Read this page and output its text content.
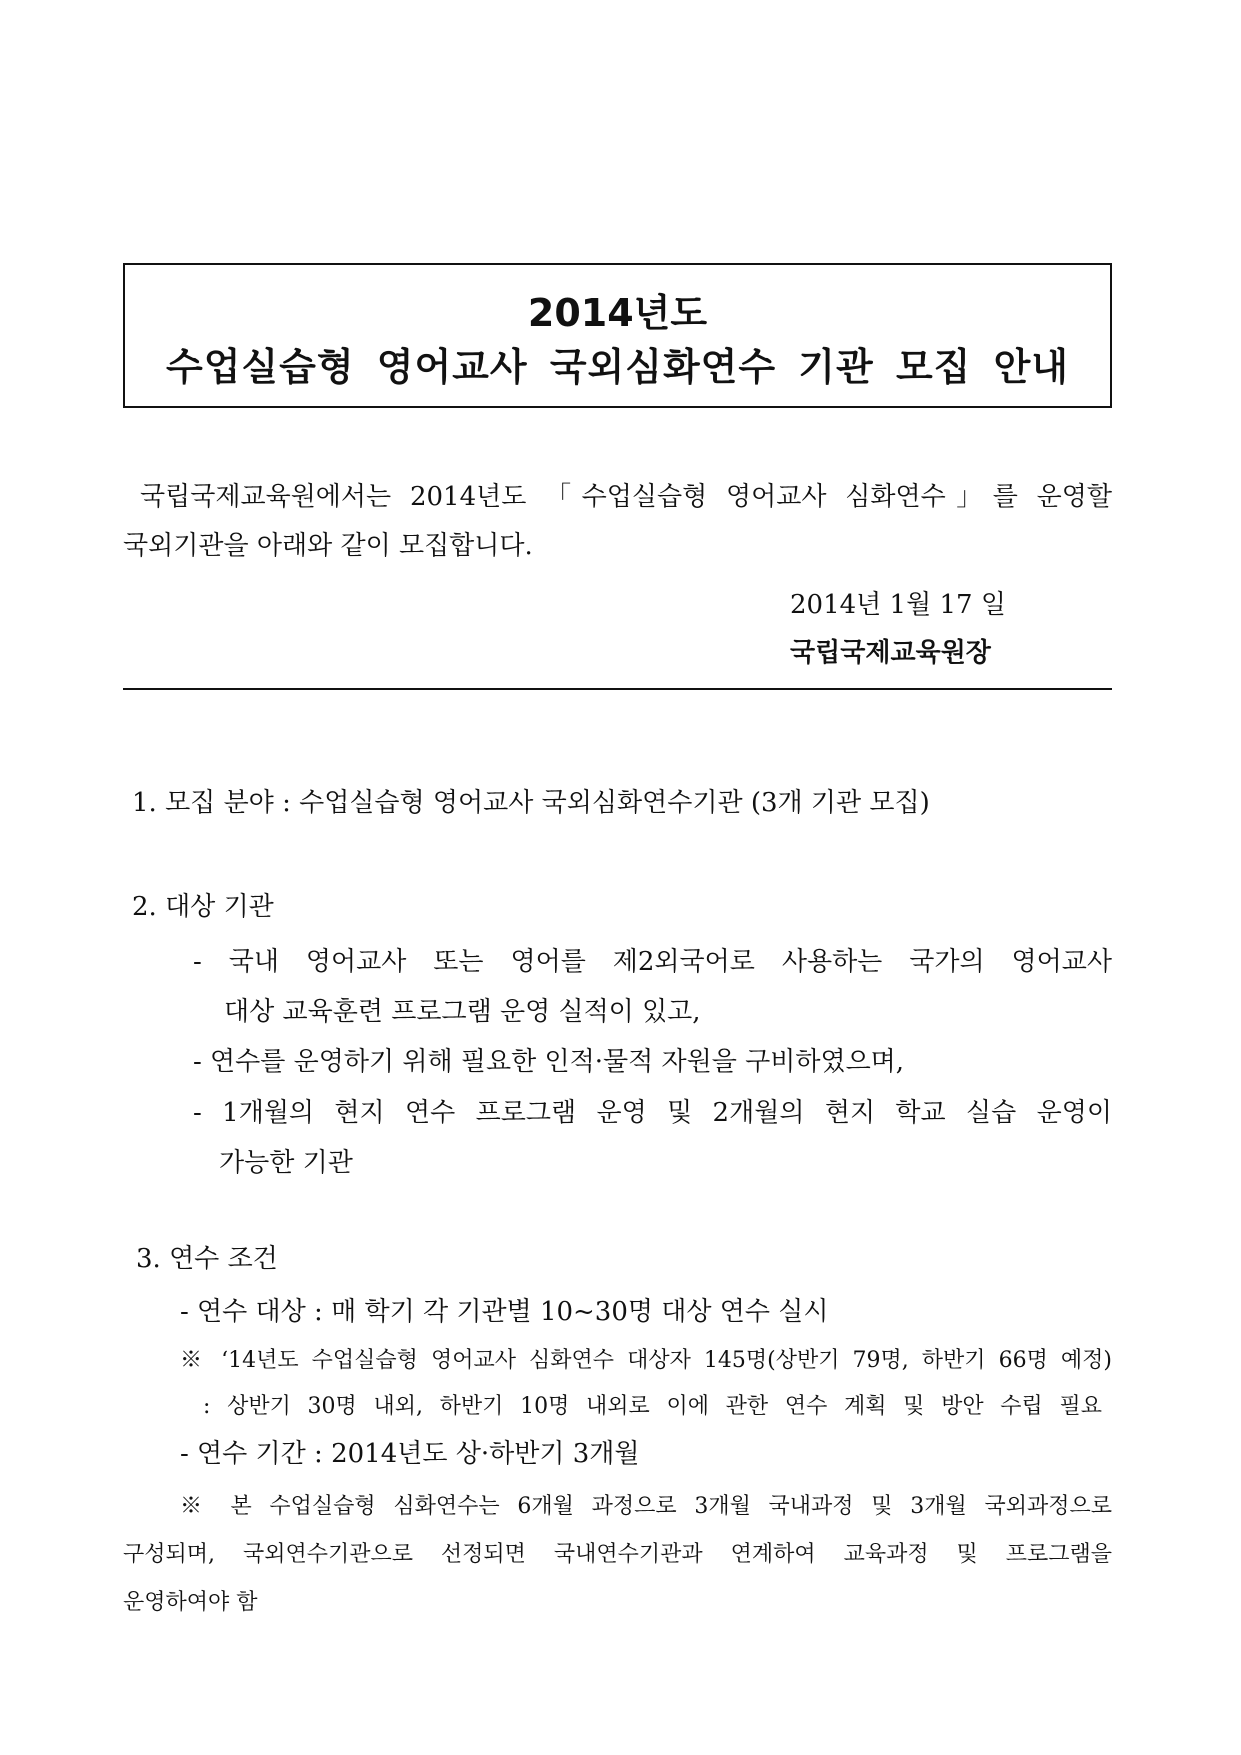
2014년도
수업실습형 영어교사 국외심화연수 기관 모집 안내
국립국제교육원에서는 2014년도 「수업실습형 영어교사 심화연수」를 운영할
국외기관을 아래와 같이 모집합니다.
2014년 1월 17 일
국립국제교육원장
1. 모집 분야 : 수업실습형 영어교사 국외심화연수기관 (3개 기관 모집)
2. 대상 기관
- 국내 영어교사 또는 영어를 제2외국어로 사용하는 국가의 영어교사
대상 교육훈련 프로그램 운영 실적이 있고,
- 연수를 운영하기 위해 필요한 인적·물적 자원을 구비하였으며,
- 1개월의 현지 연수 프로그램 운영 및 2개월의 현지 학교 실습 운영이
가능한 기관
3. 연수 조건
- 연수 대상 : 매 학기 각 기관별 10~30명 대상 연수 실시
※ ‘14년도 수업실습형 영어교사 심화연수 대상자 145명(상반기 79명, 하반기 66명 예정)
: 상반기 30명 내외, 하반기 10명 내외로 이에 관한 연수 계획 및 방안 수립 필요
- 연수 기간 : 2014년도 상·하반기 3개월
※ 본 수업실습형 심화연수는 6개월 과정으로 3개월 국내과정 및 3개월 국외과정으로
구성되며, 국외연수기관으로 선정되면 국내연수기관과 연계하여 교육과정 및 프로그램을
운영하여야 함
